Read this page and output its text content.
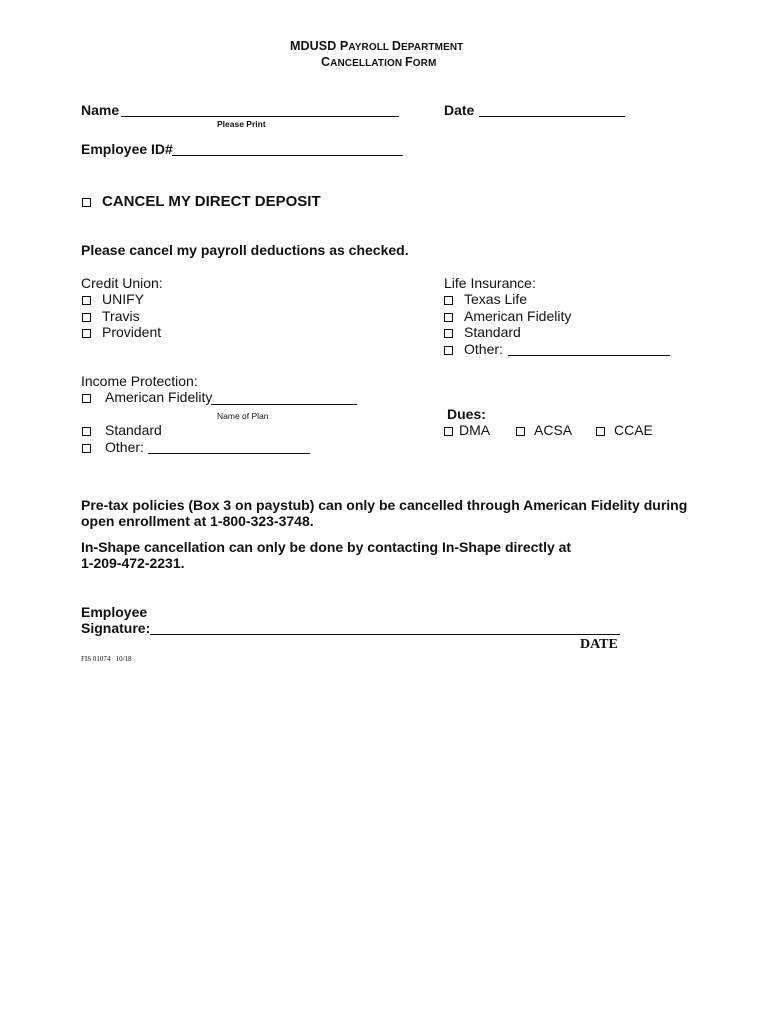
MDUSD PAYROLL DEPARTMENT
CANCELLATION FORM
Name
Please Print
Date
Employee ID#
CANCEL MY DIRECT DEPOSIT
Please cancel my payroll deductions as checked.
Credit Union:
UNIFY
Travis
Provident
Life Insurance:
Texas Life
American Fidelity
Standard
Other:
Income Protection:
American Fidelity
Name of Plan
Standard
Other:
Dues:
DMA	ACSA	CCAE
Pre-tax policies (Box 3 on paystub) can only be cancelled through American Fidelity during
open enrollment at 1-800-323-3748.
In-Shape cancellation can only be done by contacting In-Shape directly at
1-209-472-2231.
Employee
Signature:
DATE
FIS 01074   10/18
